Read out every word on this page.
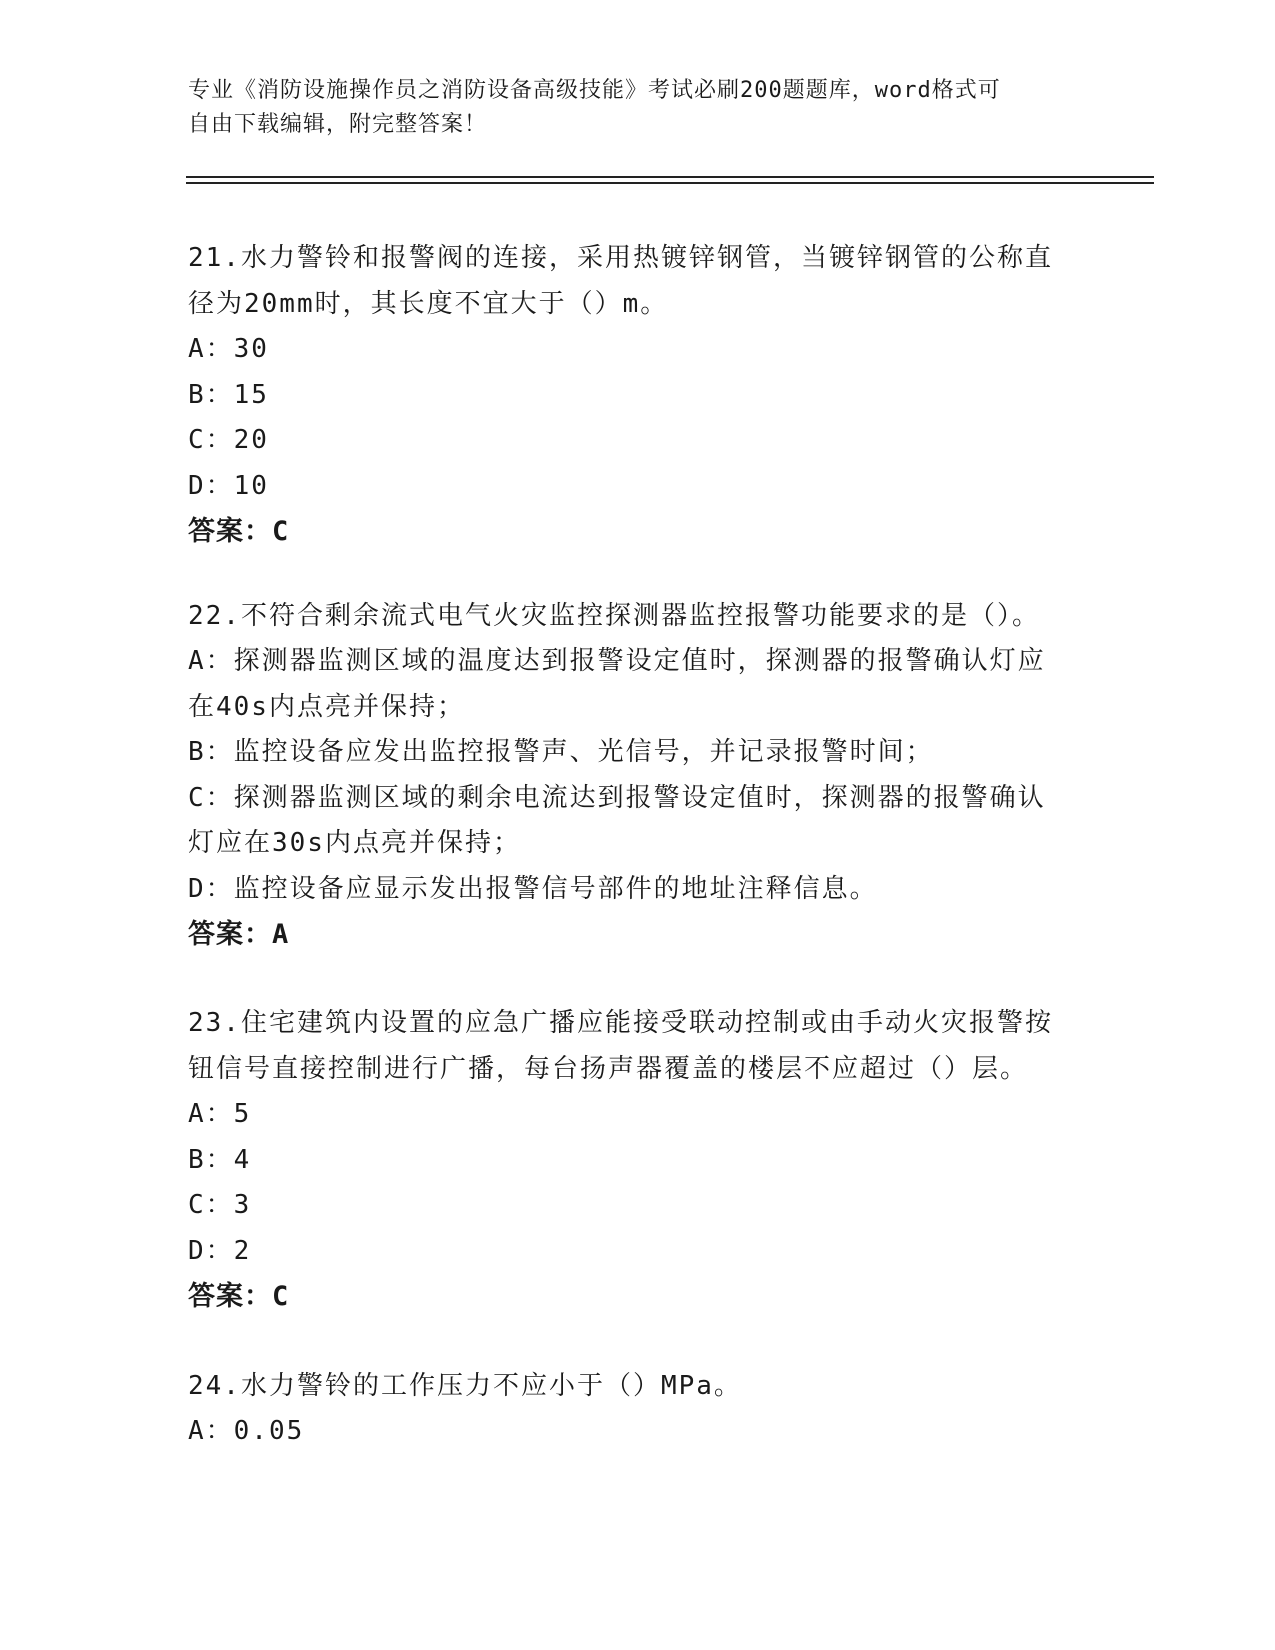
专业《消防设施操作员之消防设备高级技能》考试必刷200题题库，word格式可
自由下载编辑，附完整答案！
21.水力警铃和报警阀的连接，采用热镀锌钢管，当镀锌钢管的公称直
径为20mm时，其长度不宜大于（）m。
A：30
B：15
C：20
D：10
答案：C
22.不符合剩余流式电气火灾监控探测器监控报警功能要求的是（）。
A：探测器监测区域的温度达到报警设定值时，探测器的报警确认灯应
在40s内点亮并保持；
B：监控设备应发出监控报警声、光信号，并记录报警时间；
C：探测器监测区域的剩余电流达到报警设定值时，探测器的报警确认
灯应在30s内点亮并保持；
D：监控设备应显示发出报警信号部件的地址注释信息。
答案：A
23.住宅建筑内设置的应急广播应能接受联动控制或由手动火灾报警按
钮信号直接控制进行广播，每台扬声器覆盖的楼层不应超过（）层。
A：5
B：4
C：3
D：2
答案：C
24.水力警铃的工作压力不应小于（）MPa。
A：0.05
